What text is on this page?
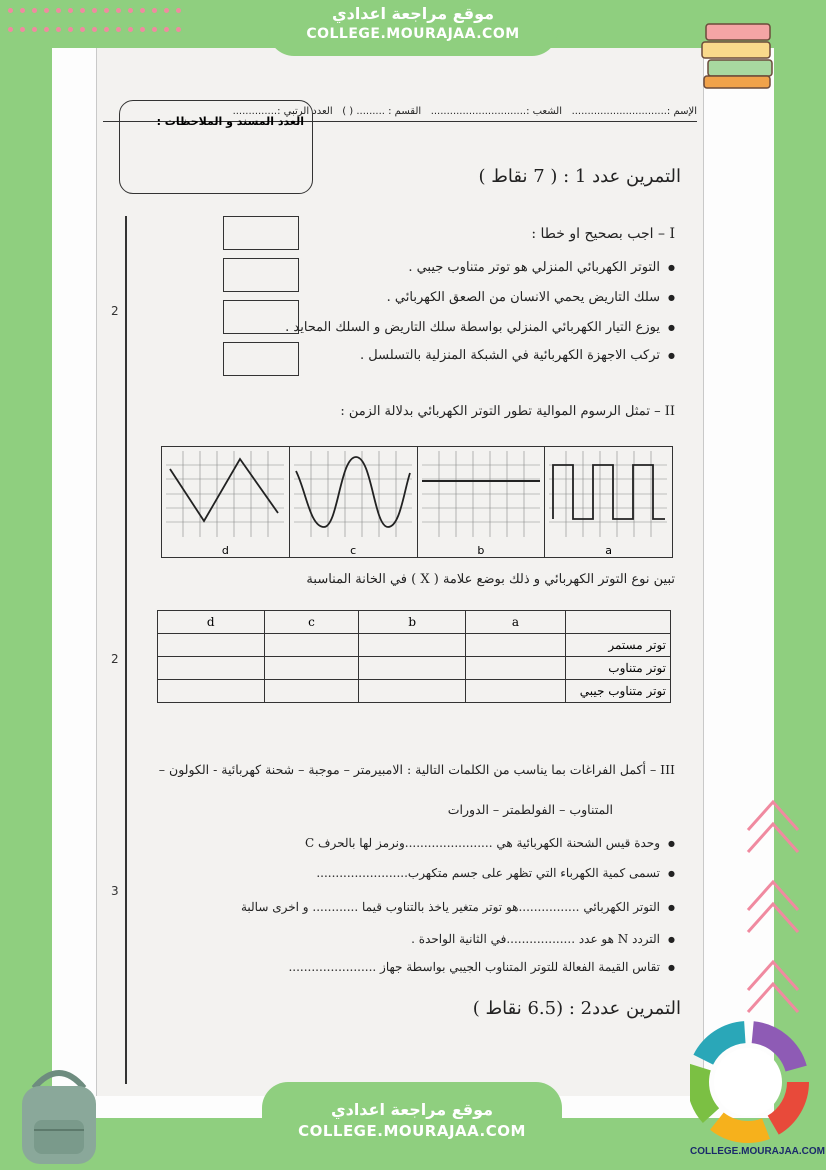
الإسم :..............................   الشعب :..............................   القسم : ......... ( )   العدد الرتبي :..............
العدد المسند و الملاحظات :
التمرين عدد 1 : ( 7 نقاط )
2
2
3
I – اجب بصحيح او خطا :
● التوتر الكهربائي المنزلي هو توتر متناوب جيبي .
● سلك التاريض يحمي الانسان من الصعق الكهربائي .
● يوزع التيار الكهربائي المنزلي بواسطة سلك التاريض و السلك المحايد .
● تركب الاجهزة الكهربائية في الشبكة المنزلية بالتسلسل .
II – تمثل الرسوم الموالية تطور التوتر الكهربائي بدلالة الزمن :
d	c	b	a
تبين نوع التوتر الكهربائي و ذلك بوضع علامة ( X ) في الخانة المناسبة
d	c	b	a	
				توتر مستمر
				توتر متناوب
				توتر متناوب جيبي
III – أكمل الفراغات بما يناسب من الكلمات التالية : الامبيرمتر – موجبة – شحنة كهربائية - الكولون –
المتناوب – الفولطمتر – الدورات
● وحدة قيس الشحنة الكهربائية هي .......................ونرمز لها بالحرف C
● تسمى كمية الكهرباء التي تظهر على جسم متكهرب........................
● التوتر الكهربائي ................هو توتر متغير ياخذ بالتناوب قيما ............ و اخرى سالبة
● التردد N هو عدد ..................في الثانية الواحدة .
● تقاس القيمة الفعالة للتوتر المتناوب الجيبي بواسطة جهاز .......................
التمرين عدد2 : (6.5 نقاط )
موقع مراجعة اعدادي
COLLEGE.MOURAJAA.COM
موقع مراجعة اعدادي
COLLEGE.MOURAJAA.COM
COLLEGE.MOURAJAA.COM
